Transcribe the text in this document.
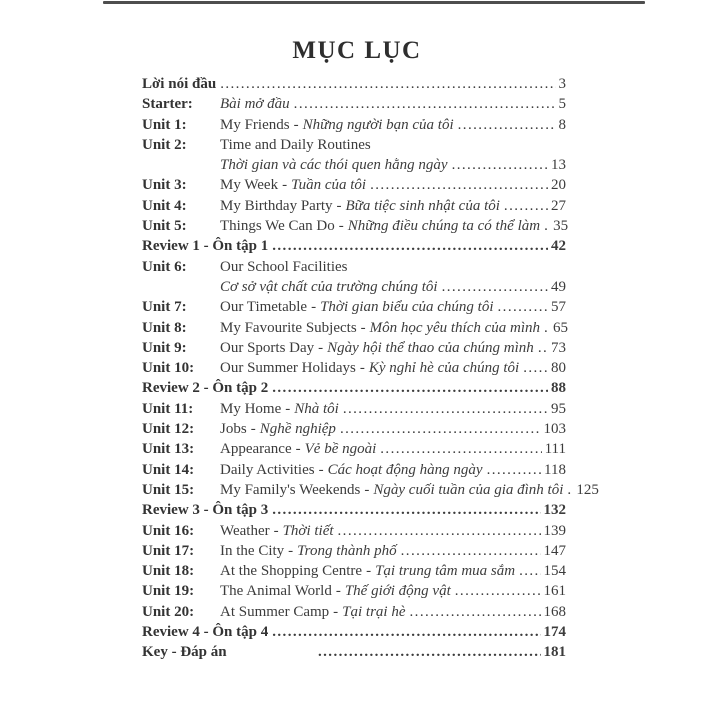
MỤC LỤC
Lời nói đầu .....	3
Starter:	Bài mở đầu .....	5
Unit 1:	My Friends - Những người bạn của tôi .....	8
Unit 2:	Time and Daily Routines
Thời gian và các thói quen hằng ngày .....	13
Unit 3:	My Week - Tuần của tôi .....	20
Unit 4:	My Birthday Party - Bữa tiệc sinh nhật của tôi .....	27
Unit 5:	Things We Can Do - Những điều chúng ta có thể làm ..... 35
Review 1 - Ôn tập 1 .....	42
Unit 6:	Our School Facilities
Cơ sở vật chất của trường chúng tôi .....	49
Unit 7:	Our Timetable - Thời gian biểu của chúng tôi .....	57
Unit 8:	My Favourite Subjects - Môn học yêu thích của mình ..... 65
Unit 9:	Our Sports Day - Ngày hội thể thao của chúng mình ..... 73
Unit 10:	Our Summer Holidays - Kỳ nghỉ hè của chúng tôi ..... 80
Review 2 - Ôn tập 2 .....	88
Unit 11:	My Home - Nhà tôi .....	95
Unit 12:	Jobs - Nghề nghiệp .....	103
Unit 13:	Appearance - Vẻ bề ngoài .....	111
Unit 14:	Daily Activities - Các hoạt động hàng ngày .....	118
Unit 15:	My Family's Weekends - Ngày cuối tuần của gia đình tôi ..... 125
Review 3 - Ôn tập 3 .....	132
Unit 16:	Weather - Thời tiết .....	139
Unit 17:	In the City - Trong thành phố .....	147
Unit 18:	At the Shopping Centre - Tại trung tâm mua sắm ..... 154
Unit 19:	The Animal World - Thế giới động vật .....	161
Unit 20:	At Summer Camp - Tại trại hè .....	168
Review 4 - Ôn tập 4 .....	174
Key - Đáp án .....	181
